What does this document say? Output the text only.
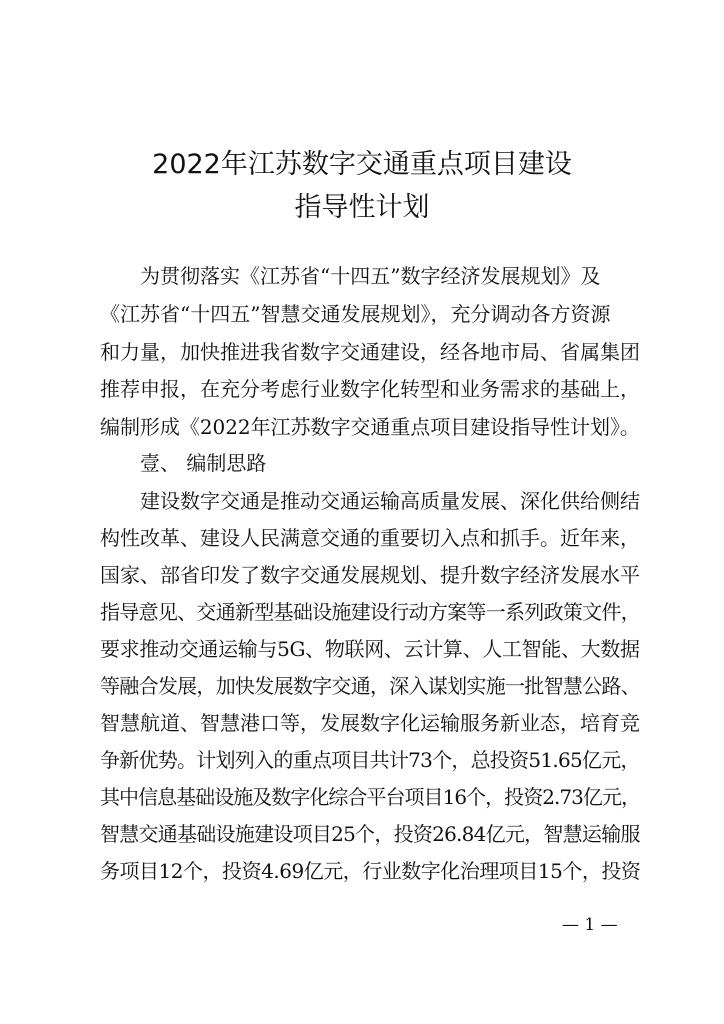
2022年江苏数字交通重点项目建设
指导性计划
为贯彻落实《江苏省“十四五”数字经济发展规划》及
《江苏省“十四五”智慧交通发展规划》，充分调动各方资源
和力量，加快推进我省数字交通建设，经各地市局、省属集团
推荐申报，在充分考虑行业数字化转型和业务需求的基础上，
编制形成《2022年江苏数字交通重点项目建设指导性计划》。
壹、 编制思路
建设数字交通是推动交通运输高质量发展、深化供给侧结
构性改革、建设人民满意交通的重要切入点和抓手。近年来，
国家、部省印发了数字交通发展规划、提升数字经济发展水平
指导意见、交通新型基础设施建设行动方案等一系列政策文件，
要求推动交通运输与5G、物联网、云计算、人工智能、大数据
等融合发展，加快发展数字交通，深入谋划实施一批智慧公路、
智慧航道、智慧港口等，发展数字化运输服务新业态，培育竞
争新优势。计划列入的重点项目共计73个，总投资51.65亿元，
其中信息基础设施及数字化综合平台项目16个，投资2.73亿元，
智慧交通基础设施建设项目25个，投资26.84亿元，智慧运输服
务项目12个，投资4.69亿元，行业数字化治理项目15个，投资
— 1 —
